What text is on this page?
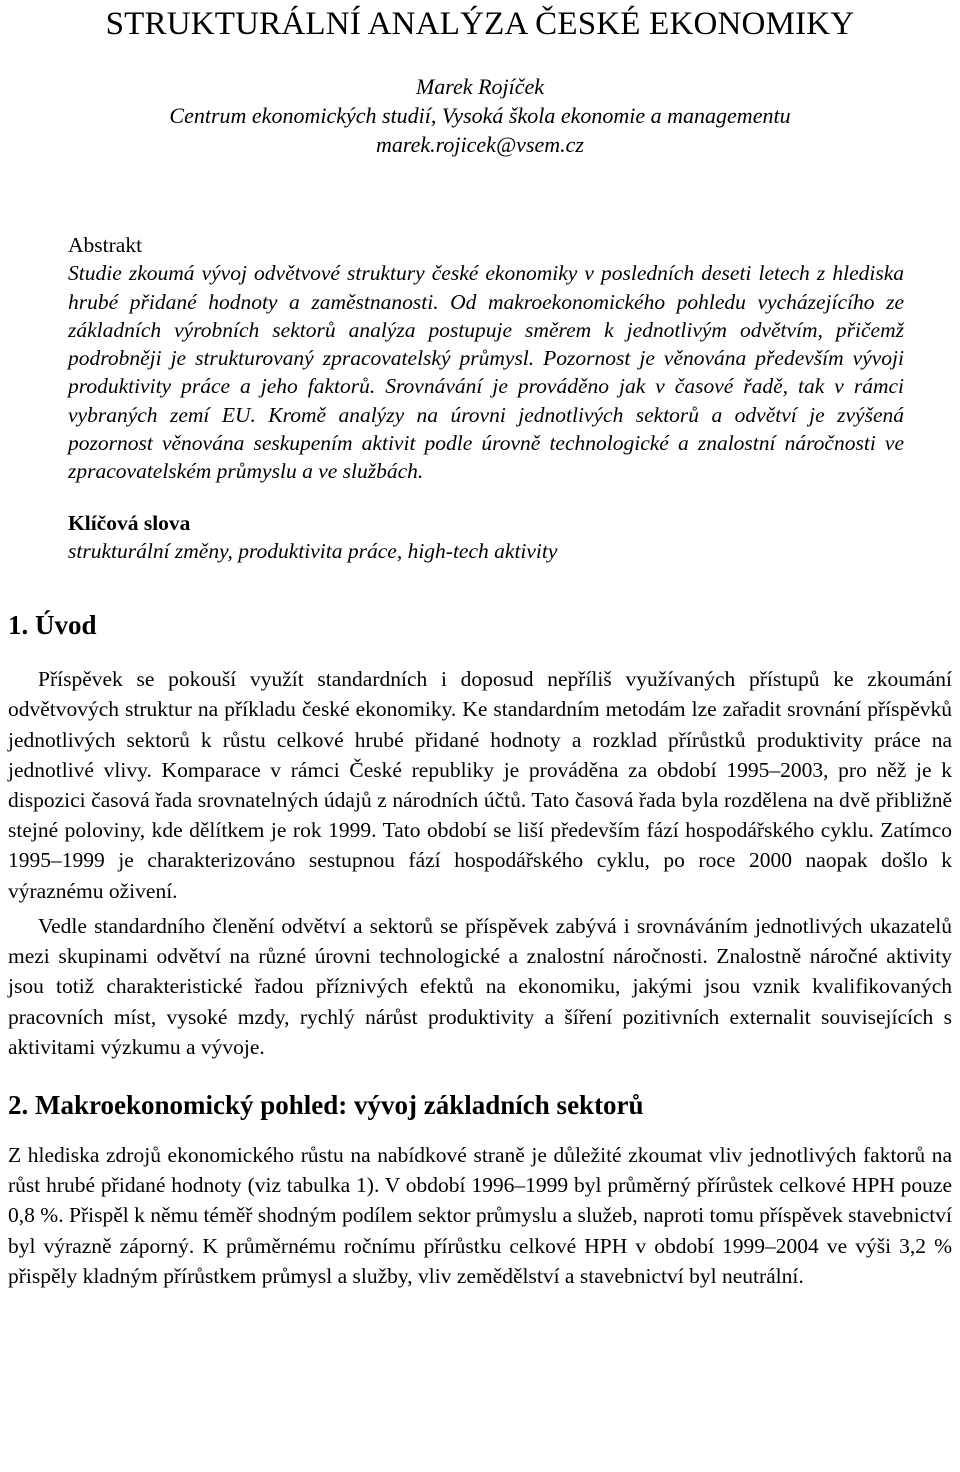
STRUKTURÁLNÍ ANALÝZA ČESKÉ EKONOMIKY
Marek Rojíček
Centrum ekonomických studií, Vysoká škola ekonomie a managementu
marek.rojicek@vsem.cz
Abstrakt

Studie zkoumá vývoj odvětvové struktury české ekonomiky v posledních deseti letech z hlediska hrubé přidané hodnoty a zaměstnanosti. Od makroekonomického pohledu vycházejícího ze základních výrobních sektorů analýza postupuje směrem k jednotlivým odvětvím, přičemž podrobněji je strukturovaný zpracovatelský průmysl. Pozornost je věnována především vývoji produktivity práce a jeho faktorů. Srovnávání je prováděno jak v časové řadě, tak v rámci vybraných zemí EU. Kromě analýzy na úrovni jednotlivých sektorů a odvětví je zvýšená pozornost věnována seskupením aktivit podle úrovně technologické a znalostní náročnosti ve zpracovatelském průmyslu a ve službách.

Klíčová slova
strukturální změny, produktivita práce, high-tech aktivity
1. Úvod

Příspěvek se pokouší využít standardních i doposud nepříliš využívaných přístupů ke zkoumání odvětvových struktur na příkladu české ekonomiky. Ke standardním metodám lze zařadit srovnání příspěvků jednotlivých sektorů k růstu celkové hrubé přidané hodnoty a rozklad přírůstků produktivity práce na jednotlivé vlivy. Komparace v rámci České republiky je prováděna za období 1995–2003, pro něž je k dispozici časová řada srovnatelných údajů z národních účtů. Tato časová řada byla rozdělena na dvě přibližně stejné poloviny, kde dělítkem je rok 1999. Tato období se liší především fází hospodářského cyklu. Zatímco 1995–1999 je charakterizováno sestupnou fází hospodářského cyklu, po roce 2000 naopak došlo k výraznému oživení.

Vedle standardního členění odvětví a sektorů se příspěvek zabývá i srovnáváním jednotlivých ukazatelů mezi skupinami odvětví na různé úrovni technologické a znalostní náročnosti. Znalostně náročné aktivity jsou totiž charakteristické řadou příznivých efektů na ekonomiku, jakými jsou vznik kvalifikovaných pracovních míst, vysoké mzdy, rychlý nárůst produktivity a šíření pozitivních externalit souvisejících s aktivitami výzkumu a vývoje.

2. Makroekonomický pohled: vývoj základních sektorů

Z hlediska zdrojů ekonomického růstu na nabídkové straně je důležité zkoumat vliv jednotlivých faktorů na růst hrubé přidané hodnoty (viz tabulka 1). V období 1996–1999 byl průměrný přírůstek celkové HPH pouze 0,8 %. Přispěl k němu téměř shodným podílem sektor průmyslu a služeb, naproti tomu příspěvek stavebnictví byl výrazně záporný. K průměrnému ročnímu přírůstku celkové HPH v období 1999–2004 ve výši 3,2 % přispěly kladným přírůstkem průmysl a služby, vliv zemědělství a stavebnictví byl neutrální.
